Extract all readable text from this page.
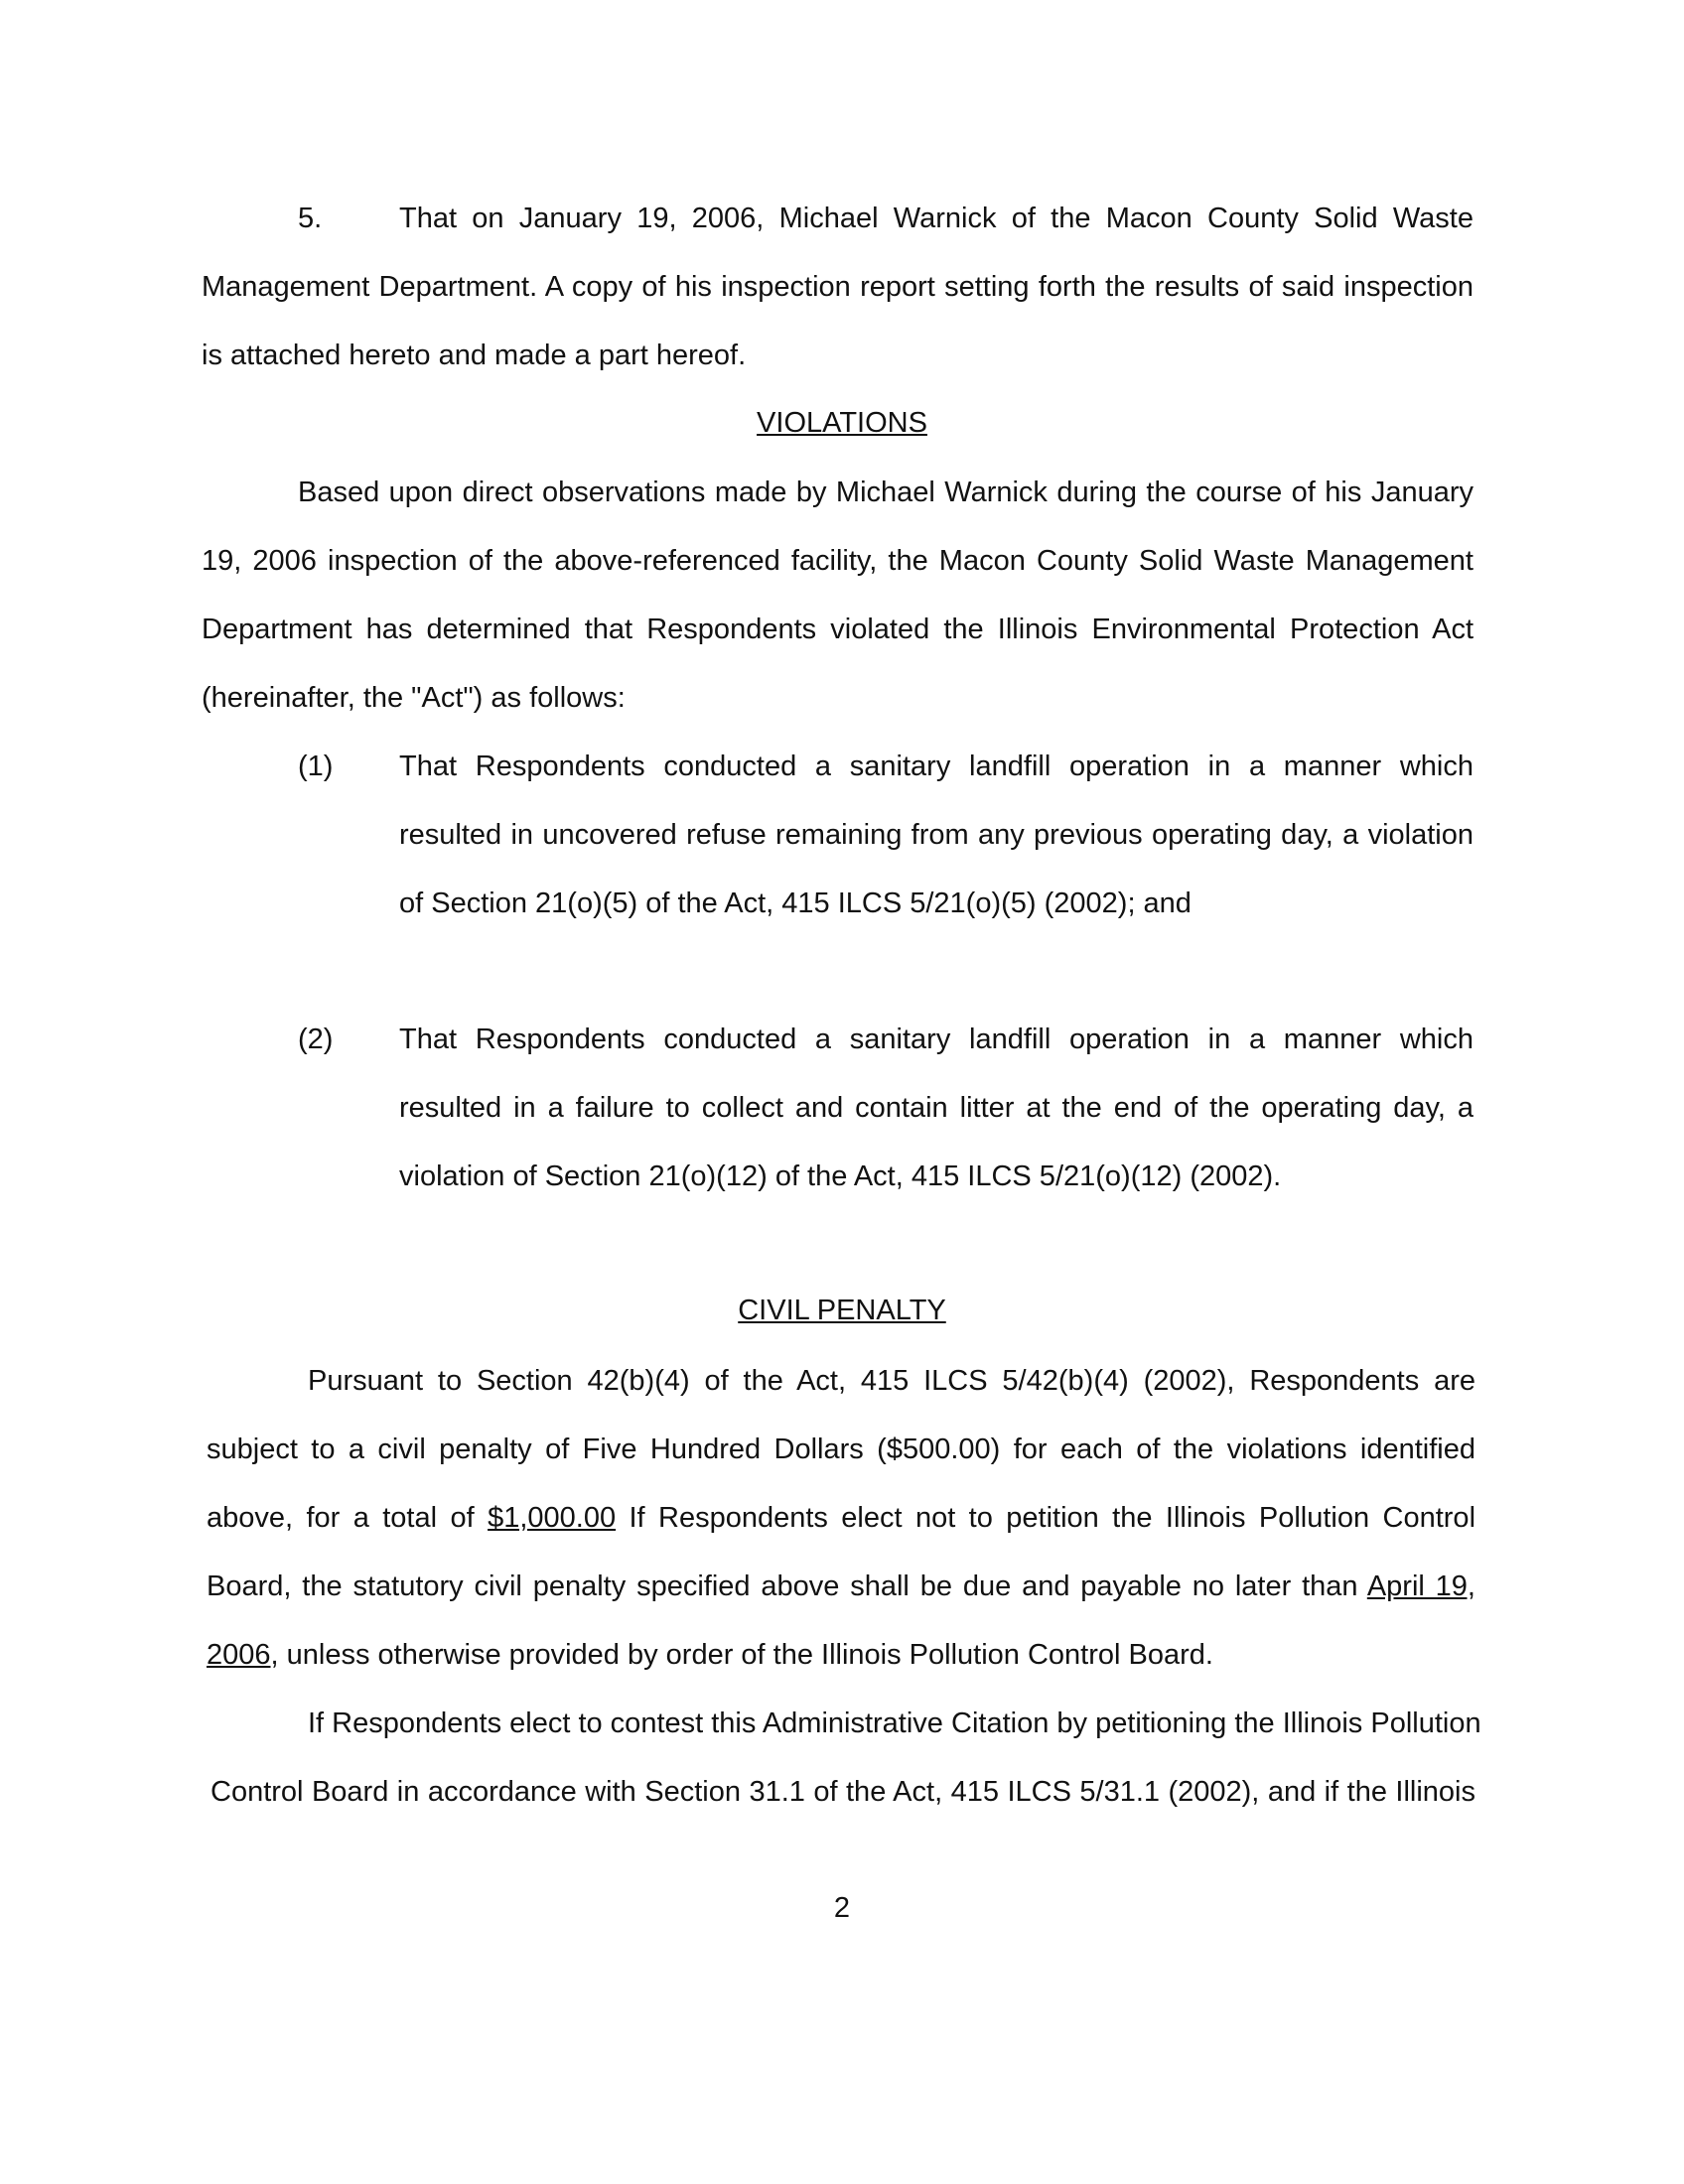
5.	That on January 19, 2006, Michael Warnick of the Macon County Solid Waste
Management Department. A copy of his inspection report setting forth the results of said inspection
is attached hereto and made a part hereof.
VIOLATIONS
Based upon direct observations made by Michael Warnick during the course of his January
19, 2006 inspection of the above-referenced facility, the Macon County Solid Waste Management
Department has determined that Respondents violated the Illinois Environmental Protection Act
(hereinafter, the "Act") as follows:
(1) That Respondents conducted a sanitary landfill operation in a manner which
resulted in uncovered refuse remaining from any previous operating day, a violation
of Section 21(o)(5) of the Act, 415 ILCS 5/21(o)(5) (2002); and
(2) That Respondents conducted a sanitary landfill operation in a manner which
resulted in a failure to collect and contain litter at the end of the operating day, a
violation of Section 21(o)(12) of the Act, 415 ILCS 5/21(o)(12) (2002).
CIVIL PENALTY
Pursuant to Section 42(b)(4) of the Act, 415 ILCS 5/42(b)(4) (2002), Respondents are
subject to a civil penalty of Five Hundred Dollars ($500.00) for each of the violations identified
above, for a total of $1,000.00 If Respondents elect not to petition the Illinois Pollution Control
Board, the statutory civil penalty specified above shall be due and payable no later than April 19,
2006, unless otherwise provided by order of the Illinois Pollution Control Board.
If Respondents elect to contest this Administrative Citation by petitioning the Illinois Pollution
Control Board in accordance with Section 31.1 of the Act, 415 ILCS 5/31.1 (2002), and if the Illinois
2
